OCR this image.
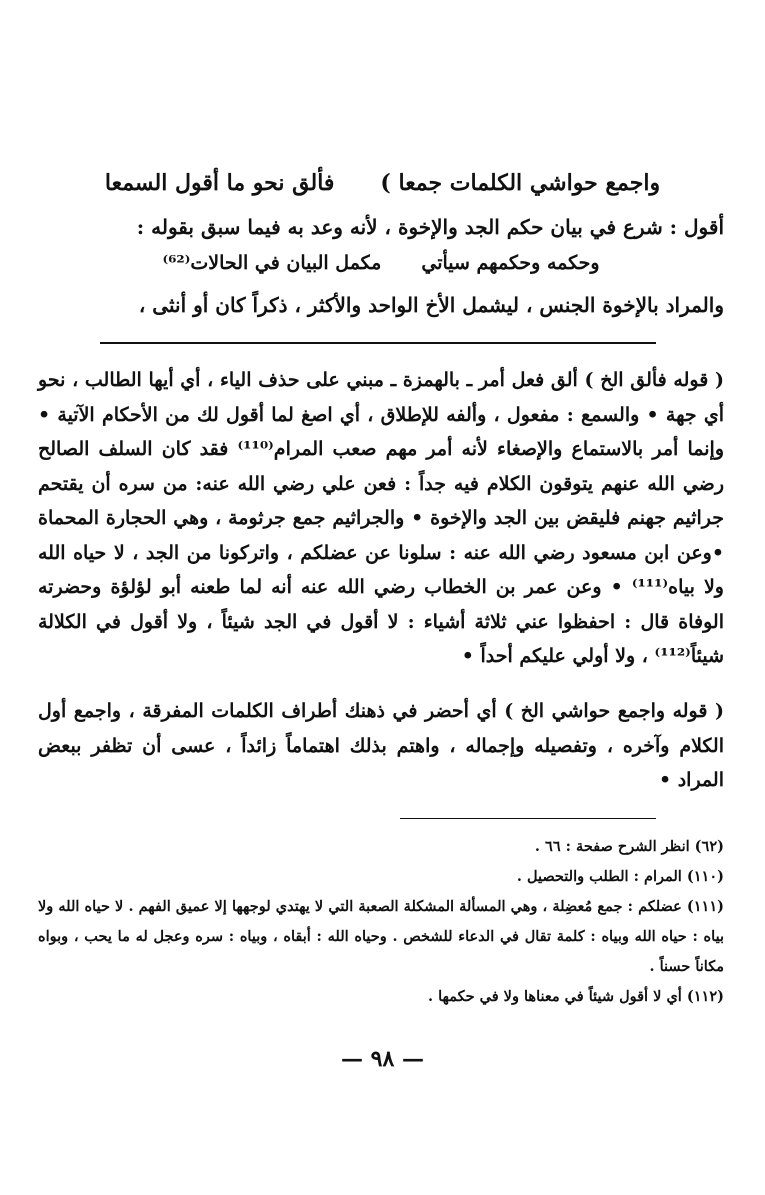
فألق نحو ما أقول السمعا واجمع حواشي الكلمات جمعا )

أقول : شرع في بيان حكم الجد والإخوة ، لأنه وعد به فيما سبق بقوله :

وحكمه وحكمهم سيأتيمكمل البيان في الحالات⁽⁶²⁾

والمراد بالإخوة الجنس ، ليشمل الأخ الواحد والأكثر ، ذكراً كان أو أنثى ،

( قوله فألق الخ ) ألق فعل أمر ـ بالهمزة ـ مبني على حذف الياء ، أي أيها الطالب ، نحو أي جهة • والسمع : مفعول ، وألفه للإطلاق ، أي اصغ لما أقول لك من الأحكام الآتية • وإنما أمر بالاستماع والإصغاء لأنه أمر مهم صعب المرام⁽¹¹⁰⁾ فقد كان السلف الصالح رضي الله عنهم يتوقون الكلام فيه جداً : فعن علي رضي الله عنه: من سره أن يقتحم جراثيم جهنم فليقض بين الجد والإخوة • والجراثيم جمع جرثومة ، وهي الحجارة المحماة •وعن ابن مسعود رضي الله عنه : سلونا عن عضلكم ، واتركونا من الجد ، لا حياه الله ولا بياه⁽¹¹¹⁾ • وعن عمر بن الخطاب رضي الله عنه أنه لما طعنه أبو لؤلؤة وحضرته الوفاة قال : احفظوا عني ثلاثة أشياء : لا أقول في الجد شيئاً ، ولا أقول في الكلالة شيئاً⁽¹¹²⁾ ، ولا أولي عليكم أحداً •

( قوله واجمع حواشي الخ ) أي أحضر في ذهنك أطراف الكلمات المفرقة ، واجمع أول الكلام وآخره ، وتفصيله وإجماله ، واهتم بذلك اهتماماً زائداً ، عسى أن تظفر ببعض المراد •

(٦٢) انظر الشرح صفحة : ٦٦ .

(١١٠) المرام : الطلب والتحصيل .

(١١١) عضلكم : جمع مُعضِلة ، وهي المسألة المشكلة الصعبة التي لا يهتدي لوجهها إلا عميق الفهم . لا حياه الله ولا بياه : حياه الله وبياه : كلمة تقال في الدعاء للشخص . وحياه الله : أبقاه ، وبياه : سره وعجل له ما يحب ، وبواه مكاناً حسناً .

(١١٢) أي لا أقول شيئاً في معناها ولا في حكمها .

— ٩٨ —
